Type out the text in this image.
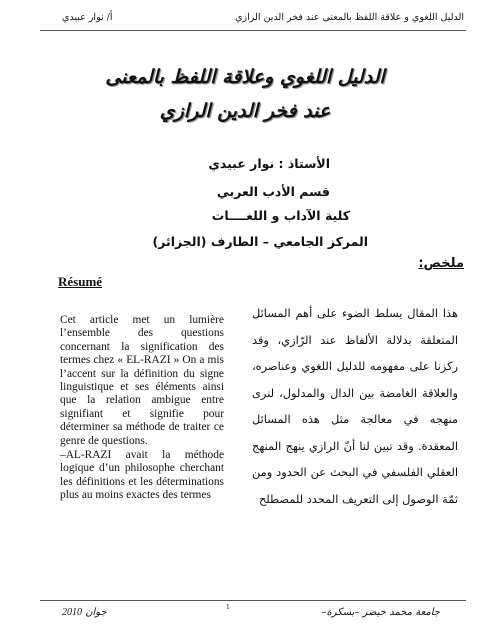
الدليل اللغوي و علاقة اللفظ بالمعنى عند فخر الدين الرازي
أ/ نوار عبيدي
الدليل اللغوي وعلاقة اللفظ بالمعنى
عند فخر الدين الرازي
الأستاذ : نوار عبيدي
قسم الأدب العربي
كلية الآداب و اللغــــات
المركز الجامعي – الطارف (الجزائر)
ملخص:
Résumé

هذا المقال يسلط الضوء على أهم المسائل المتعلقة بدلالة الألفاظ عند الرّازي، وقد ركزنا على مفهومه للدليل اللغوي وعناصره، والعلاقة الغامضة بين الدال والمدلول، لنرى منهجه في معالجة مثل هذه المسائل المعقدة. وقد تبين لنا أنّ الرازي ينهج المنهج العقلي الفلسفي في البحث عن الحدود ومن ثمّة الوصول إلى التعريف المحدد للمصطلح

Cet article met un lumière l’ensemble des questions concernant la signification des termes chez « EL-RAZI » On a mis l’accent sur la définition du signe linguistique et ses éléments ainsi que la relation ambigue entre signifiant et signifie pour déterminer sa méthode de traiter ce genre de questions.

–AL-RAZI avait la méthode logique d’un philosophe cherchant les définitions et les déterminations plus au moins exactes des termes

جامعة محمد خيضر –بسكرة–
1
جوان 2010
